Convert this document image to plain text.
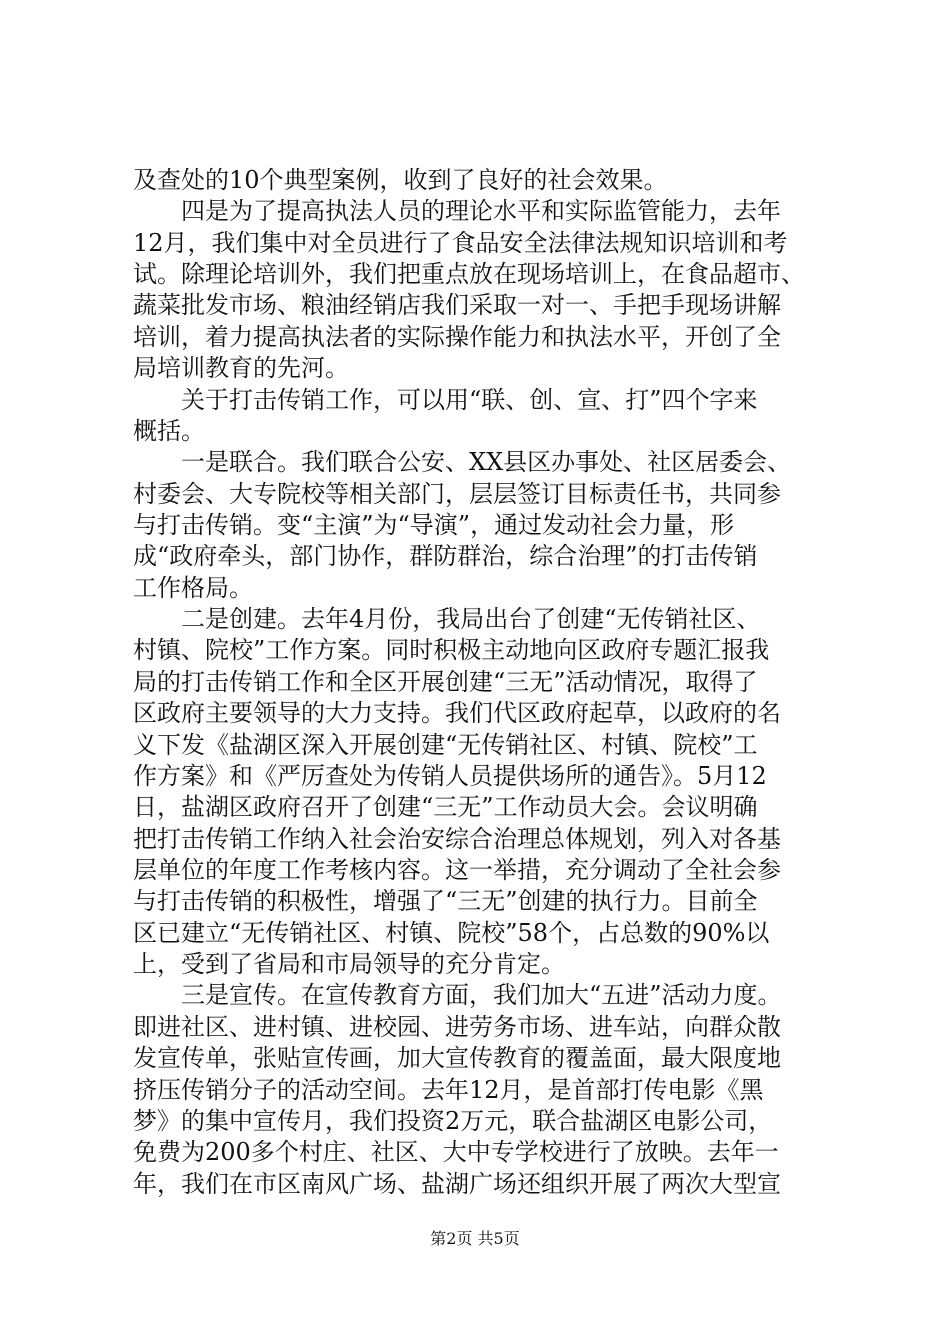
及查处的10个典型案例，收到了良好的社会效果。
　　四是为了提高执法人员的理论水平和实际监管能力，去年
12月，我们集中对全员进行了食品安全法律法规知识培训和考
试。除理论培训外，我们把重点放在现场培训上，在食品超市、
蔬菜批发市场、粮油经销店我们采取一对一、手把手现场讲解
培训，着力提高执法者的实际操作能力和执法水平，开创了全
局培训教育的先河。
　　关于打击传销工作，可以用“联、创、宣、打”四个字来
概括。
　　一是联合。我们联合公安、XX县区办事处、社区居委会、
村委会、大专院校等相关部门，层层签订目标责任书，共同参
与打击传销。变“主演”为“导演”，通过发动社会力量，形
成“政府牵头，部门协作，群防群治，综合治理”的打击传销
工作格局。
　　二是创建。去年4月份，我局出台了创建“无传销社区、
村镇、院校”工作方案。同时积极主动地向区政府专题汇报我
局的打击传销工作和全区开展创建“三无”活动情况，取得了
区政府主要领导的大力支持。我们代区政府起草，以政府的名
义下发《盐湖区深入开展创建“无传销社区、村镇、院校”工
作方案》和《严厉查处为传销人员提供场所的通告》。5月12
日，盐湖区政府召开了创建“三无”工作动员大会。会议明确
把打击传销工作纳入社会治安综合治理总体规划，列入对各基
层单位的年度工作考核内容。这一举措，充分调动了全社会参
与打击传销的积极性，增强了“三无”创建的执行力。目前全
区已建立“无传销社区、村镇、院校”58个，占总数的90%以
上，受到了省局和市局领导的充分肯定。
　　三是宣传。在宣传教育方面，我们加大“五进”活动力度。
即进社区、进村镇、进校园、进劳务市场、进车站，向群众散
发宣传单，张贴宣传画，加大宣传教育的覆盖面，最大限度地
挤压传销分子的活动空间。去年12月，是首部打传电影《黑
梦》的集中宣传月，我们投资2万元，联合盐湖区电影公司，
免费为200多个村庄、社区、大中专学校进行了放映。去年一
年，我们在市区南风广场、盐湖广场还组织开展了两次大型宣
第2页 共5页
